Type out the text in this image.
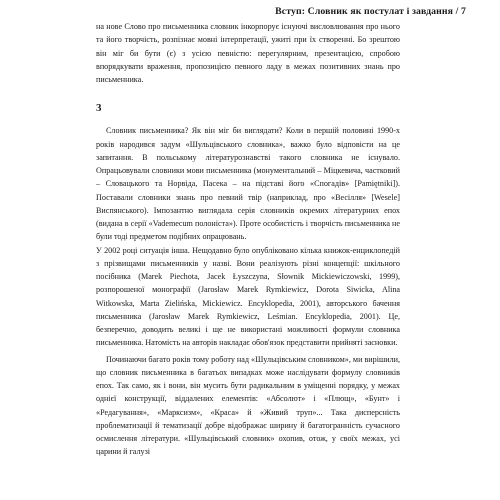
Вступ: Словник як постулат і завдання / 7

на нове Слово про письменника словник інкорпорує існуючі висловлювання про нього та його творчість, розпізнає мовні інтерпретації, ужиті при їх створенні. Бо зрештою він міг би бути (є) з усією певністю: перегулярним, презентацією, спробою впорядкувати враження, пропозицією певного ладу в межах позитивних знань про письменника.

3

Словник письменника? Як він міг би виглядати? Коли в першій половині 1990-х років народився задум «Шульцівського словника», важко було відповісти на це запитання. В польському літературознавстві такого словника не існувало. Опрацьовували словники мови письменника (монументальний – Міцкевича, частковий – Словацького та Норвіда, Пасека – на підставі його «Спогадів» [Pamiętniki]). Поставали словники знань про певний твір (наприклад, про «Весілля» [Wesele] Виспянського). Імпозантно виглядала серія словників окремих літературних епох (видана в серії «Vademecum полоніста»). Проте особистість і творчість письменника не були тоді предметом подібних опрацювань.

У 2002 році ситуація інша. Нещодавно було опубліковано кілька книжок-енциклопедій з прізвищами письменників у назві. Вони реалізують різні концепції: шкільного посібника (Marek Piechota, Jacek Łyszczyna, Słownik Mickiewiczowski, 1999), розпорошеної монографії (Jarosław Marek Rymkiewicz, Dorota Siwicka, Alina Witkowska, Marta Zielińska, Mickiewicz. Encyklopedia, 2001), авторського бачення письменника (Jarosław Marek Rymkiewicz, Leśmian. Encyklopedia, 2001). Це, безперечно, доводить великі і ще не використані можливості формули словника письменника. Натомість на авторів накладає обов'язок представити прийняті засновки.

Починаючи багато років тому роботу над «Шульцівським словником», ми вирішили, що словник письменника в багатьох випадках може наслідувати формулу словників епох. Так само, як і вони, він мусить бути радикальним в уміщенні порядку, у межах однієї конструкції, віддалених елементів: «Абсолют» і «Плющ», «Бунт» і «Редагування», «Марксизм», «Краса» й «Живий труп»... Така дисперсність проблематизації й тематизації добре відображає ширину й багатогранність сучасного осмислення літератури. «Шульцівський словник» охопив, отож, у своїх межах, усі царини й галузі
